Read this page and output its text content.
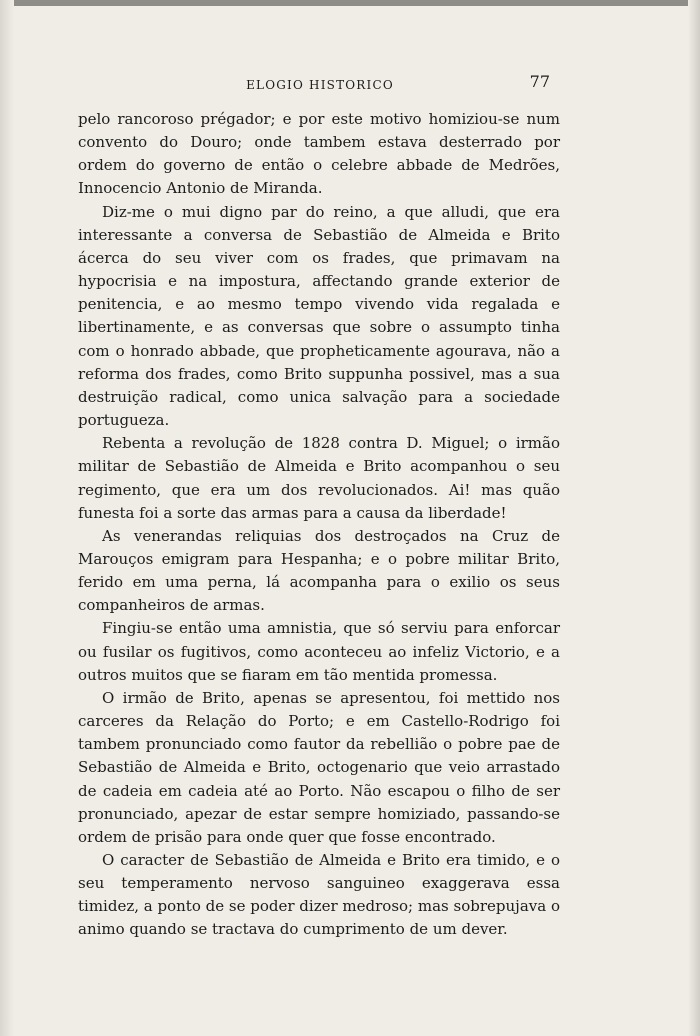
ELOGIO HISTORICO	77

pelo rancoroso prégador; e por este motivo homiziou-se num convento do Douro; onde tambem estava desterrado por ordem do governo de então o celebre abbade de Medrões, Innocencio Antonio de Miranda.

Diz-me o mui digno par do reino, a que alludi, que era interessante a conversa de Sebastião de Almeida e Brito ácerca do seu viver com os frades, que primavam na hypocrisia e na impostura, affectando grande exterior de penitencia, e ao mesmo tempo vivendo vida regalada e libertinamente, e as conversas que sobre o assumpto tinha com o honrado abbade, que propheticamente agourava, não a reforma dos frades, como Brito suppunha possivel, mas a sua destruição radical, como unica salvação para a sociedade portugueza.

Rebenta a revolução de 1828 contra D. Miguel; o irmão militar de Sebastião de Almeida e Brito acompanhou o seu regimento, que era um dos revolucionados. Ai! mas quão funesta foi a sorte das armas para a causa da liberdade!

As venerandas reliquias dos destroçados na Cruz de Marouços emigram para Hespanha; e o pobre militar Brito, ferido em uma perna, lá acompanha para o exilio os seus companheiros de armas.

Fingiu-se então uma amnistia, que só serviu para enforcar ou fusilar os fugitivos, como aconteceu ao infeliz Victorio, e a outros muitos que se fiaram em tão mentida promessa.

O irmão de Brito, apenas se apresentou, foi mettido nos carceres da Relação do Porto; e em Castello-Rodrigo foi tambem pronunciado como fautor da rebellião o pobre pae de Sebastião de Almeida e Brito, octogenario que veio arrastado de cadeia em cadeia até ao Porto. Não escapou o filho de ser pronunciado, apezar de estar sempre homiziado, passando-se ordem de prisão para onde quer que fosse encontrado.

O caracter de Sebastião de Almeida e Brito era timido, e o seu temperamento nervoso sanguineo exaggerava essa timidez, a ponto de se poder dizer medroso; mas sobrepujava o animo quando se tractava do cumprimento de um dever.
